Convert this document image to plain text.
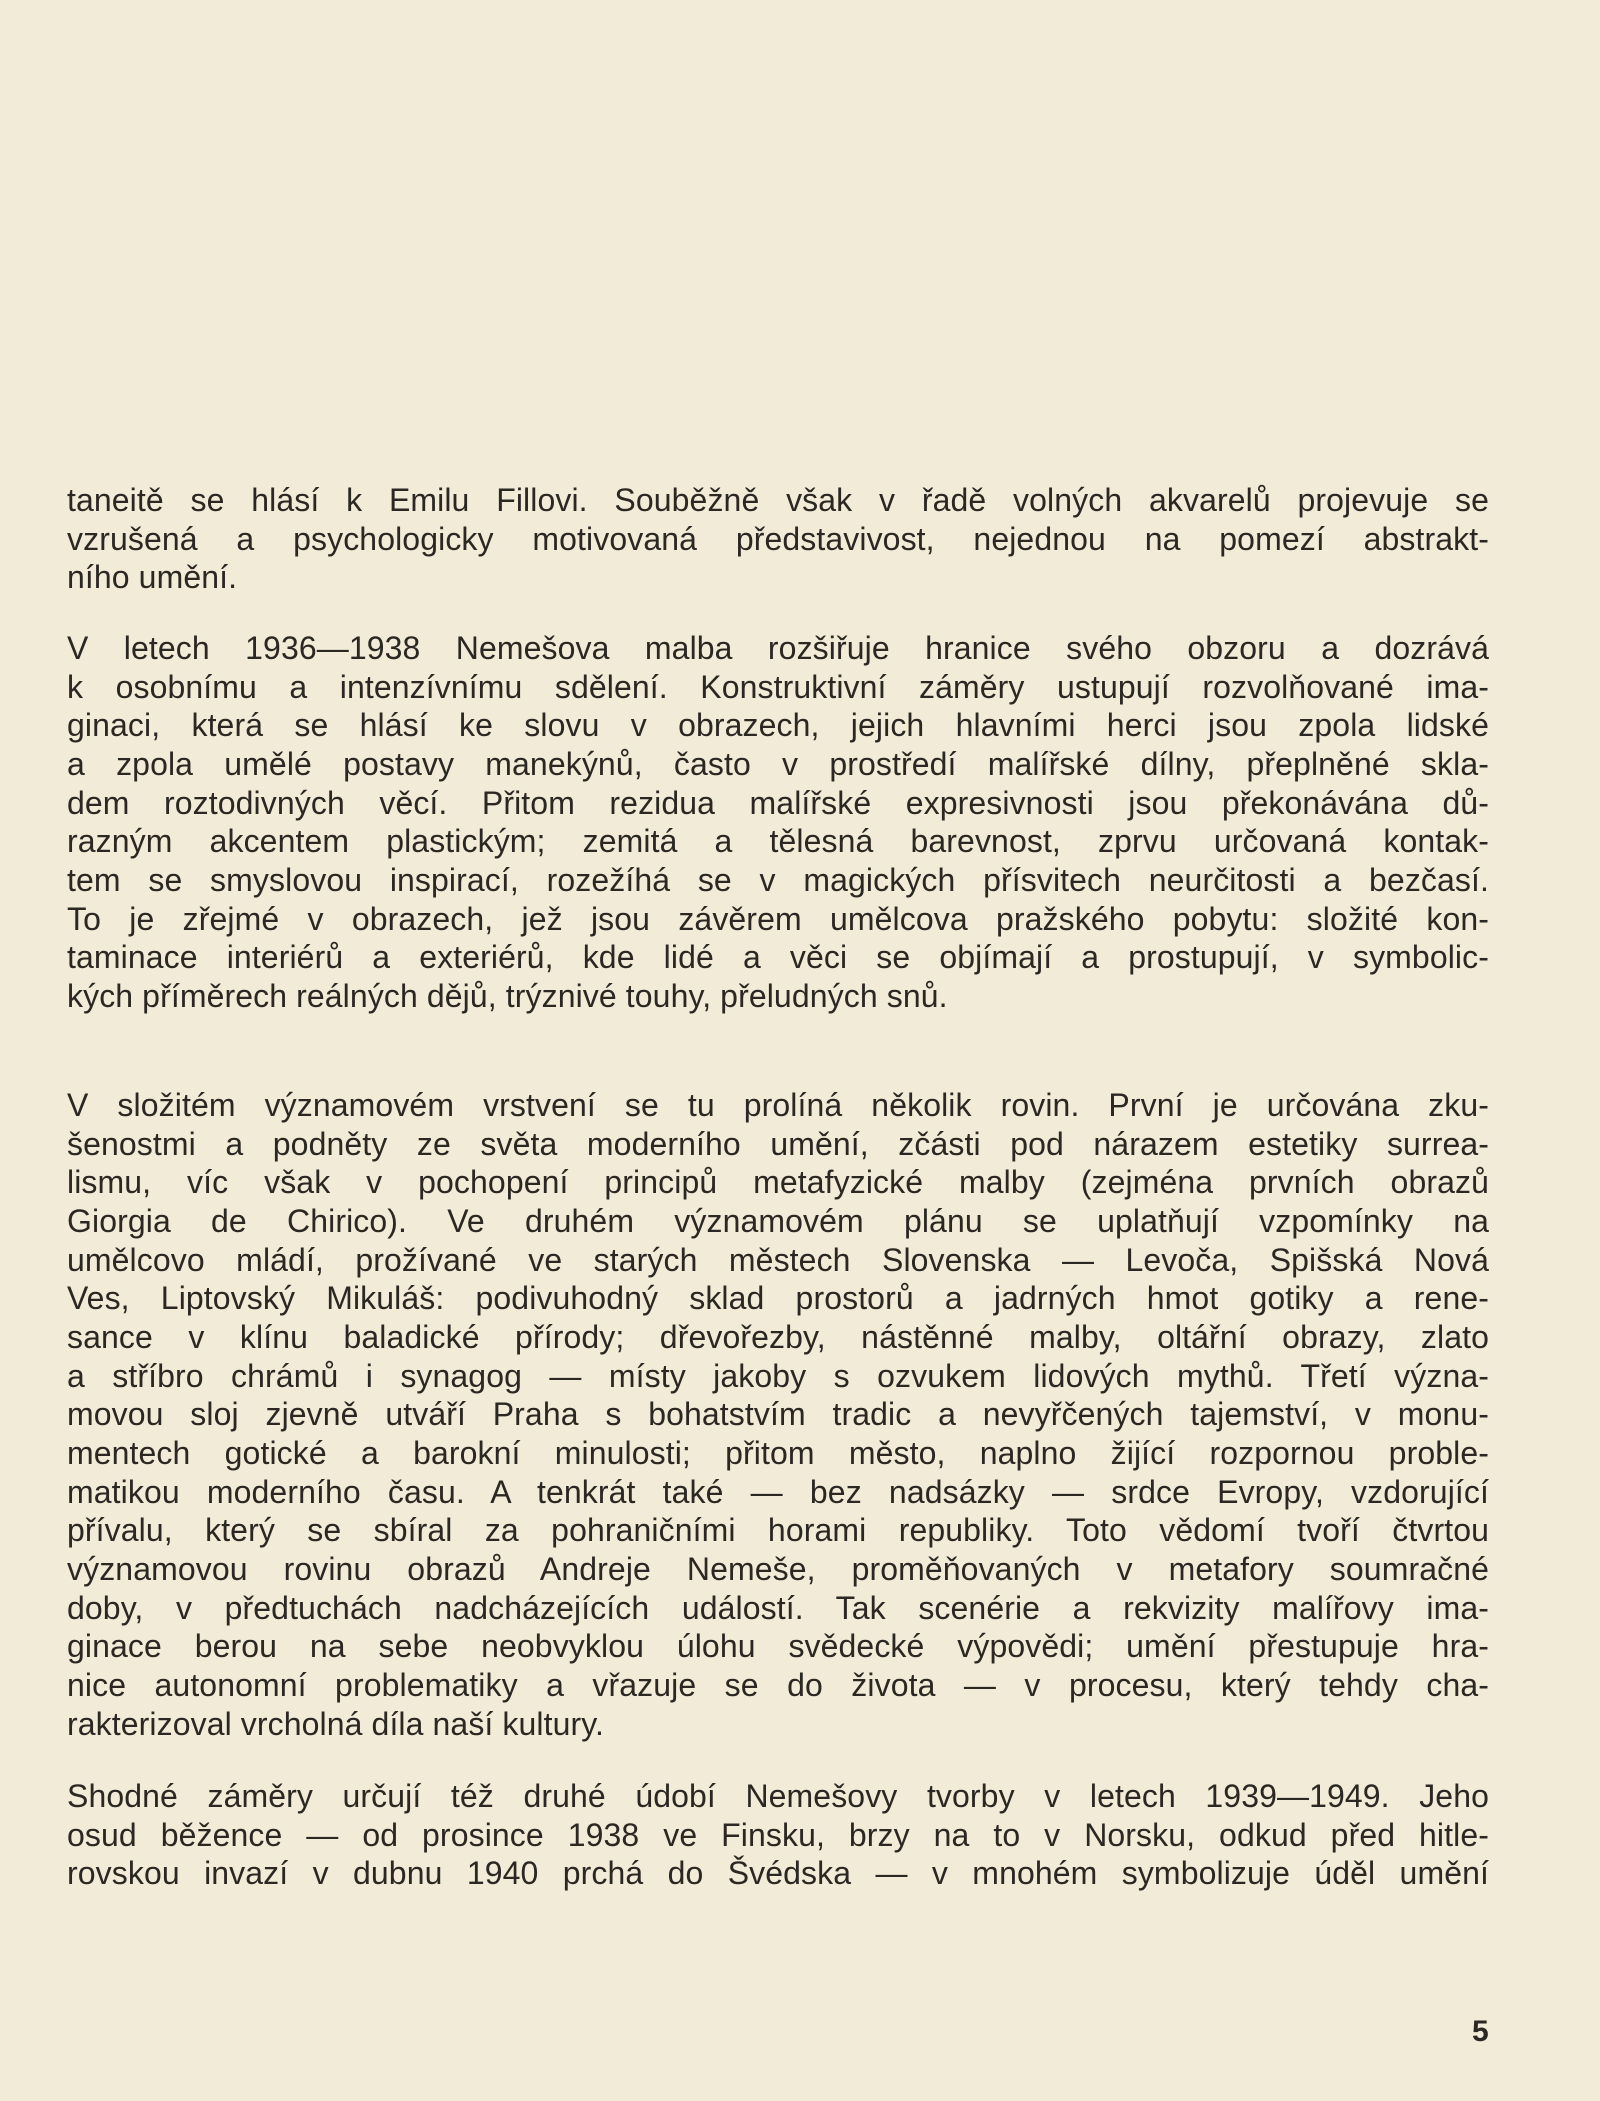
taneitě se hlásí k Emilu Fillovi. Souběžně však v řadě volných akvarelů projevuje se
vzrušená a psychologicky motivovaná představivost, nejednou na pomezí abstrakt-
ního umění.
V letech 1936—1938 Nemešova malba rozšiřuje hranice svého obzoru a dozrává
k osobnímu a intenzívnímu sdělení. Konstruktivní záměry ustupují rozvolňované ima-
ginaci, která se hlásí ke slovu v obrazech, jejich hlavními herci jsou zpola lidské
a zpola umělé postavy manekýnů, často v prostředí malířské dílny, přeplněné skla-
dem roztodivných věcí. Přitom rezidua malířské expresivnosti jsou překonávána dů-
razným akcentem plastickým; zemitá a tělesná barevnost, zprvu určovaná kontak-
tem se smyslovou inspirací, rozežíhá se v magických přísvitech neurčitosti a bezčasí.
To je zřejmé v obrazech, jež jsou závěrem umělcova pražského pobytu: složité kon-
taminace interiérů a exteriérů, kde lidé a věci se objímají a prostupují, v symbolic-
kých příměrech reálných dějů, trýznivé touhy, přeludných snů.
V složitém významovém vrstvení se tu prolíná několik rovin. První je určována zku-
šenostmi a podněty ze světa moderního umění, zčásti pod nárazem estetiky surrea-
lismu, víc však v pochopení principů metafyzické malby (zejména prvních obrazů
Giorgia de Chirico). Ve druhém významovém plánu se uplatňují vzpomínky na
umělcovo mládí, prožívané ve starých městech Slovenska — Levoča, Spišská Nová
Ves, Liptovský Mikuláš: podivuhodný sklad prostorů a jadrných hmot gotiky a rene-
sance v klínu baladické přírody; dřevořezby, nástěnné malby, oltářní obrazy, zlato
a stříbro chrámů i synagog — místy jakoby s ozvukem lidových mythů. Třetí význa-
movou sloj zjevně utváří Praha s bohatstvím tradic a nevyřčených tajemství, v monu-
mentech gotické a barokní minulosti; přitom město, naplno žijící rozpornou proble-
matikou moderního času. A tenkrát také — bez nadsázky — srdce Evropy, vzdorující
přívalu, který se sbíral za pohraničními horami republiky. Toto vědomí tvoří čtvrtou
významovou rovinu obrazů Andreje Nemeše, proměňovaných v metafory soumračné
doby, v předtuchách nadcházejících událostí. Tak scenérie a rekvizity malířovy ima-
ginace berou na sebe neobvyklou úlohu svědecké výpovědi; umění přestupuje hra-
nice autonomní problematiky a vřazuje se do života — v procesu, který tehdy cha-
rakterizoval vrcholná díla naší kultury.
Shodné záměry určují též druhé údobí Nemešovy tvorby v letech 1939—1949. Jeho
osud běžence — od prosince 1938 ve Finsku, brzy na to v Norsku, odkud před hitle-
rovskou invazí v dubnu 1940 prchá do Švédska — v mnohém symbolizuje úděl umění
5
